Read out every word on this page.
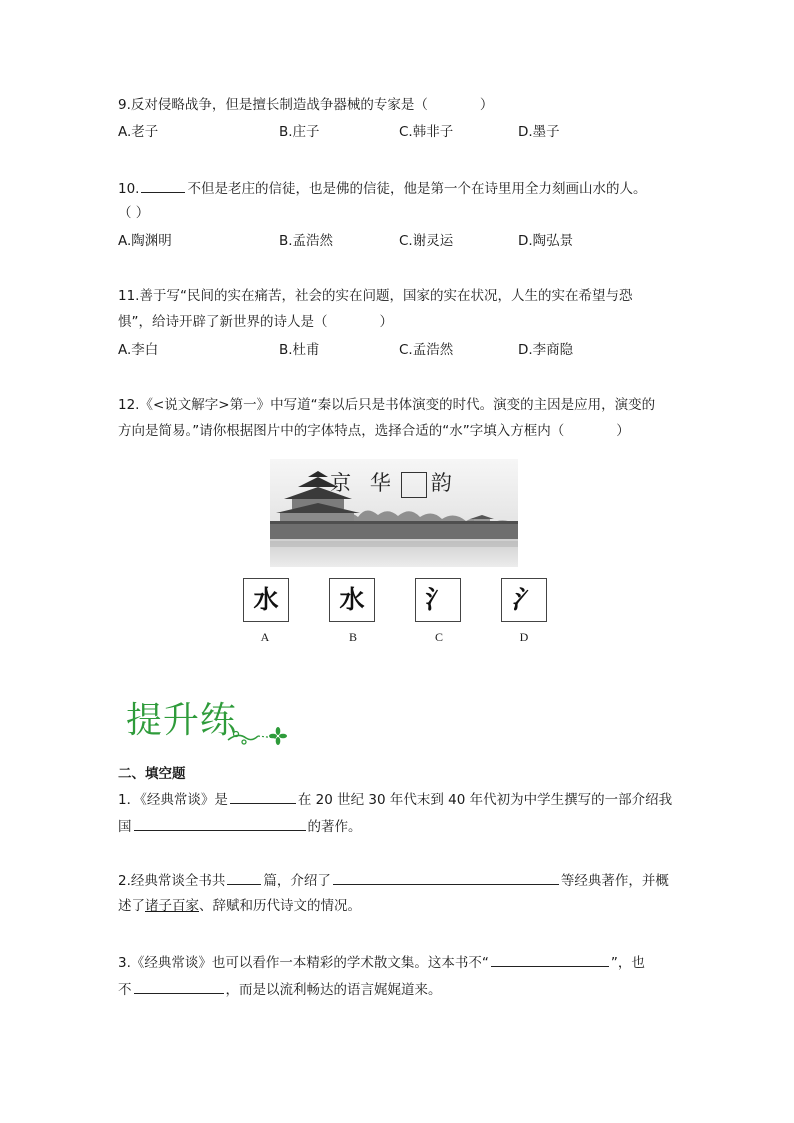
9.反对侵略战争，但是擅长制造战争器械的专家是（	）
A.老子	B.庄子	C.韩非子	D.墨子
10.	不但是老庄的信徒，也是佛的信徒，他是第一个在诗里用全力刻画山水的人。
（ ）
A.陶渊明	B.孟浩然	C.谢灵运	D.陶弘景
11.善于写“民间的实在痛苦，社会的实在问题，国家的实在状况，人生的实在希望与恐
惧”，给诗开辟了新世界的诗人是（	）
A.李白	B.杜甫	C.孟浩然	D.李商隐
12.《<说文解字>第一》中写道“秦以后只是书体演变的时代。演变的主因是应用，演变的
方向是简易。”请你根据图片中的字体特点，选择合适的“水”字填入方框内（	）
京 华 韵
水	水	氵	氵
A	B	C	D
提升练
二、填空题
1．《经典常谈》是	在 20 世纪 30 年代末到 40 年代初为中学生撰写的一部介绍我
国	的著作。
2.经典常谈全书共	篇，介绍了	等经典著作，并概
述了诸子百家、辞赋和历代诗文的情况。
3.《经典常谈》也可以看作一本精彩的学术散文集。这本书不“	”，也
不	，而是以流利畅达的语言娓娓道来。
